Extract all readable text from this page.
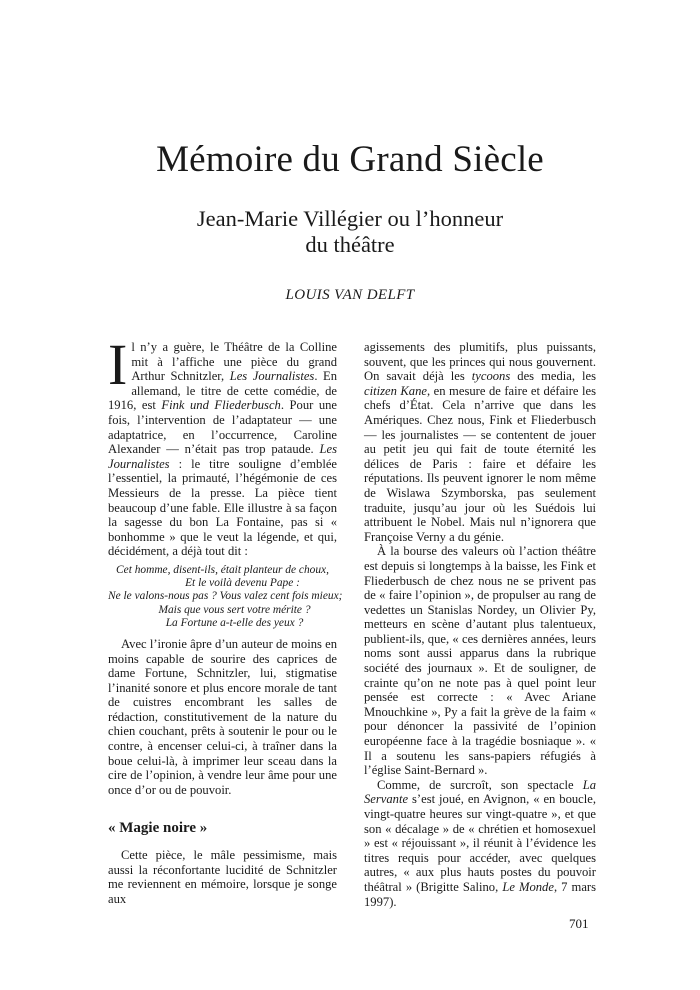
Mémoire du Grand Siècle
Jean-Marie Villégier ou l’honneur
du théâtre
LOUIS VAN DELFT

Il n’y a guère, le Théâtre de la Colline mit à l’affiche une pièce du grand Arthur Schnitzler, Les Journalistes. En allemand, le titre de cette comédie, de 1916, est Fink und Fliederbusch. Pour une fois, l’intervention de l’adaptateur — une adaptatrice, en l’occurrence, Caroline Alexander — n’était pas trop pataude. Les Journalistes : le titre souligne d’emblée l’essentiel, la primauté, l’hégémonie de ces Messieurs de la presse. La pièce tient beaucoup d’une fable. Elle illustre à sa façon la sagesse du bon La Fontaine, pas si « bonhomme » que le veut la légende, et qui, décidément, a déjà tout dit :

Cet homme, disent-ils, était planteur de choux,
Et le voilà devenu Pape :
Ne le valons-nous pas ? Vous valez cent fois mieux;
Mais que vous sert votre mérite ?
La Fortune a-t-elle des yeux ?

Avec l’ironie âpre d’un auteur de moins en moins capable de sourire des caprices de dame Fortune, Schnitzler, lui, stigmatise l’inanité sonore et plus encore morale de tant de cuistres encombrant les salles de rédaction, constitutivement de la nature du chien couchant, prêts à soutenir le pour ou le contre, à encenser celui-ci, à traîner dans la boue celui-là, à imprimer leur sceau dans la cire de l’opinion, à vendre leur âme pour une once d’or ou de pouvoir.

« Magie noire »

Cette pièce, le mâle pessimisme, mais aussi la réconfortante lucidité de Schnitzler me reviennent en mémoire, lorsque je songe aux

agissements des plumitifs, plus puissants, souvent, que les princes qui nous gouvernent. On savait déjà les tycoons des media, les citizen Kane, en mesure de faire et défaire les chefs d’État. Cela n’arrive que dans les Amériques. Chez nous, Fink et Fliederbusch — les journalistes — se contentent de jouer au petit jeu qui fait de toute éternité les délices de Paris : faire et défaire les réputations. Ils peuvent ignorer le nom même de Wislawa Szymborska, pas seulement traduite, jusqu’au jour où les Suédois lui attribuent le Nobel. Mais nul n’ignorera que Françoise Verny a du génie.

À la bourse des valeurs où l’action théâtre est depuis si longtemps à la baisse, les Fink et Fliederbusch de chez nous ne se privent pas de « faire l’opinion », de propulser au rang de vedettes un Stanislas Nordey, un Olivier Py, metteurs en scène d’autant plus talentueux, publient-ils, que, « ces dernières années, leurs noms sont aussi apparus dans la rubrique société des journaux ». Et de souligner, de crainte qu’on ne note pas à quel point leur pensée est correcte : « Avec Ariane Mnouchkine », Py a fait la grève de la faim « pour dénoncer la passivité de l’opinion européenne face à la tragédie bosniaque ». « Il a soutenu les sans-papiers réfugiés à l’église Saint-Bernard ».

Comme, de surcroît, son spectacle La Servante s’est joué, en Avignon, « en boucle, vingt-quatre heures sur vingt-quatre », et que son « décalage » de « chrétien et homosexuel » est « réjouissant », il réunit à l’évidence les titres requis pour accéder, avec quelques autres, « aux plus hauts postes du pouvoir théâtral » (Brigitte Salino, Le Monde, 7 mars 1997).

701
